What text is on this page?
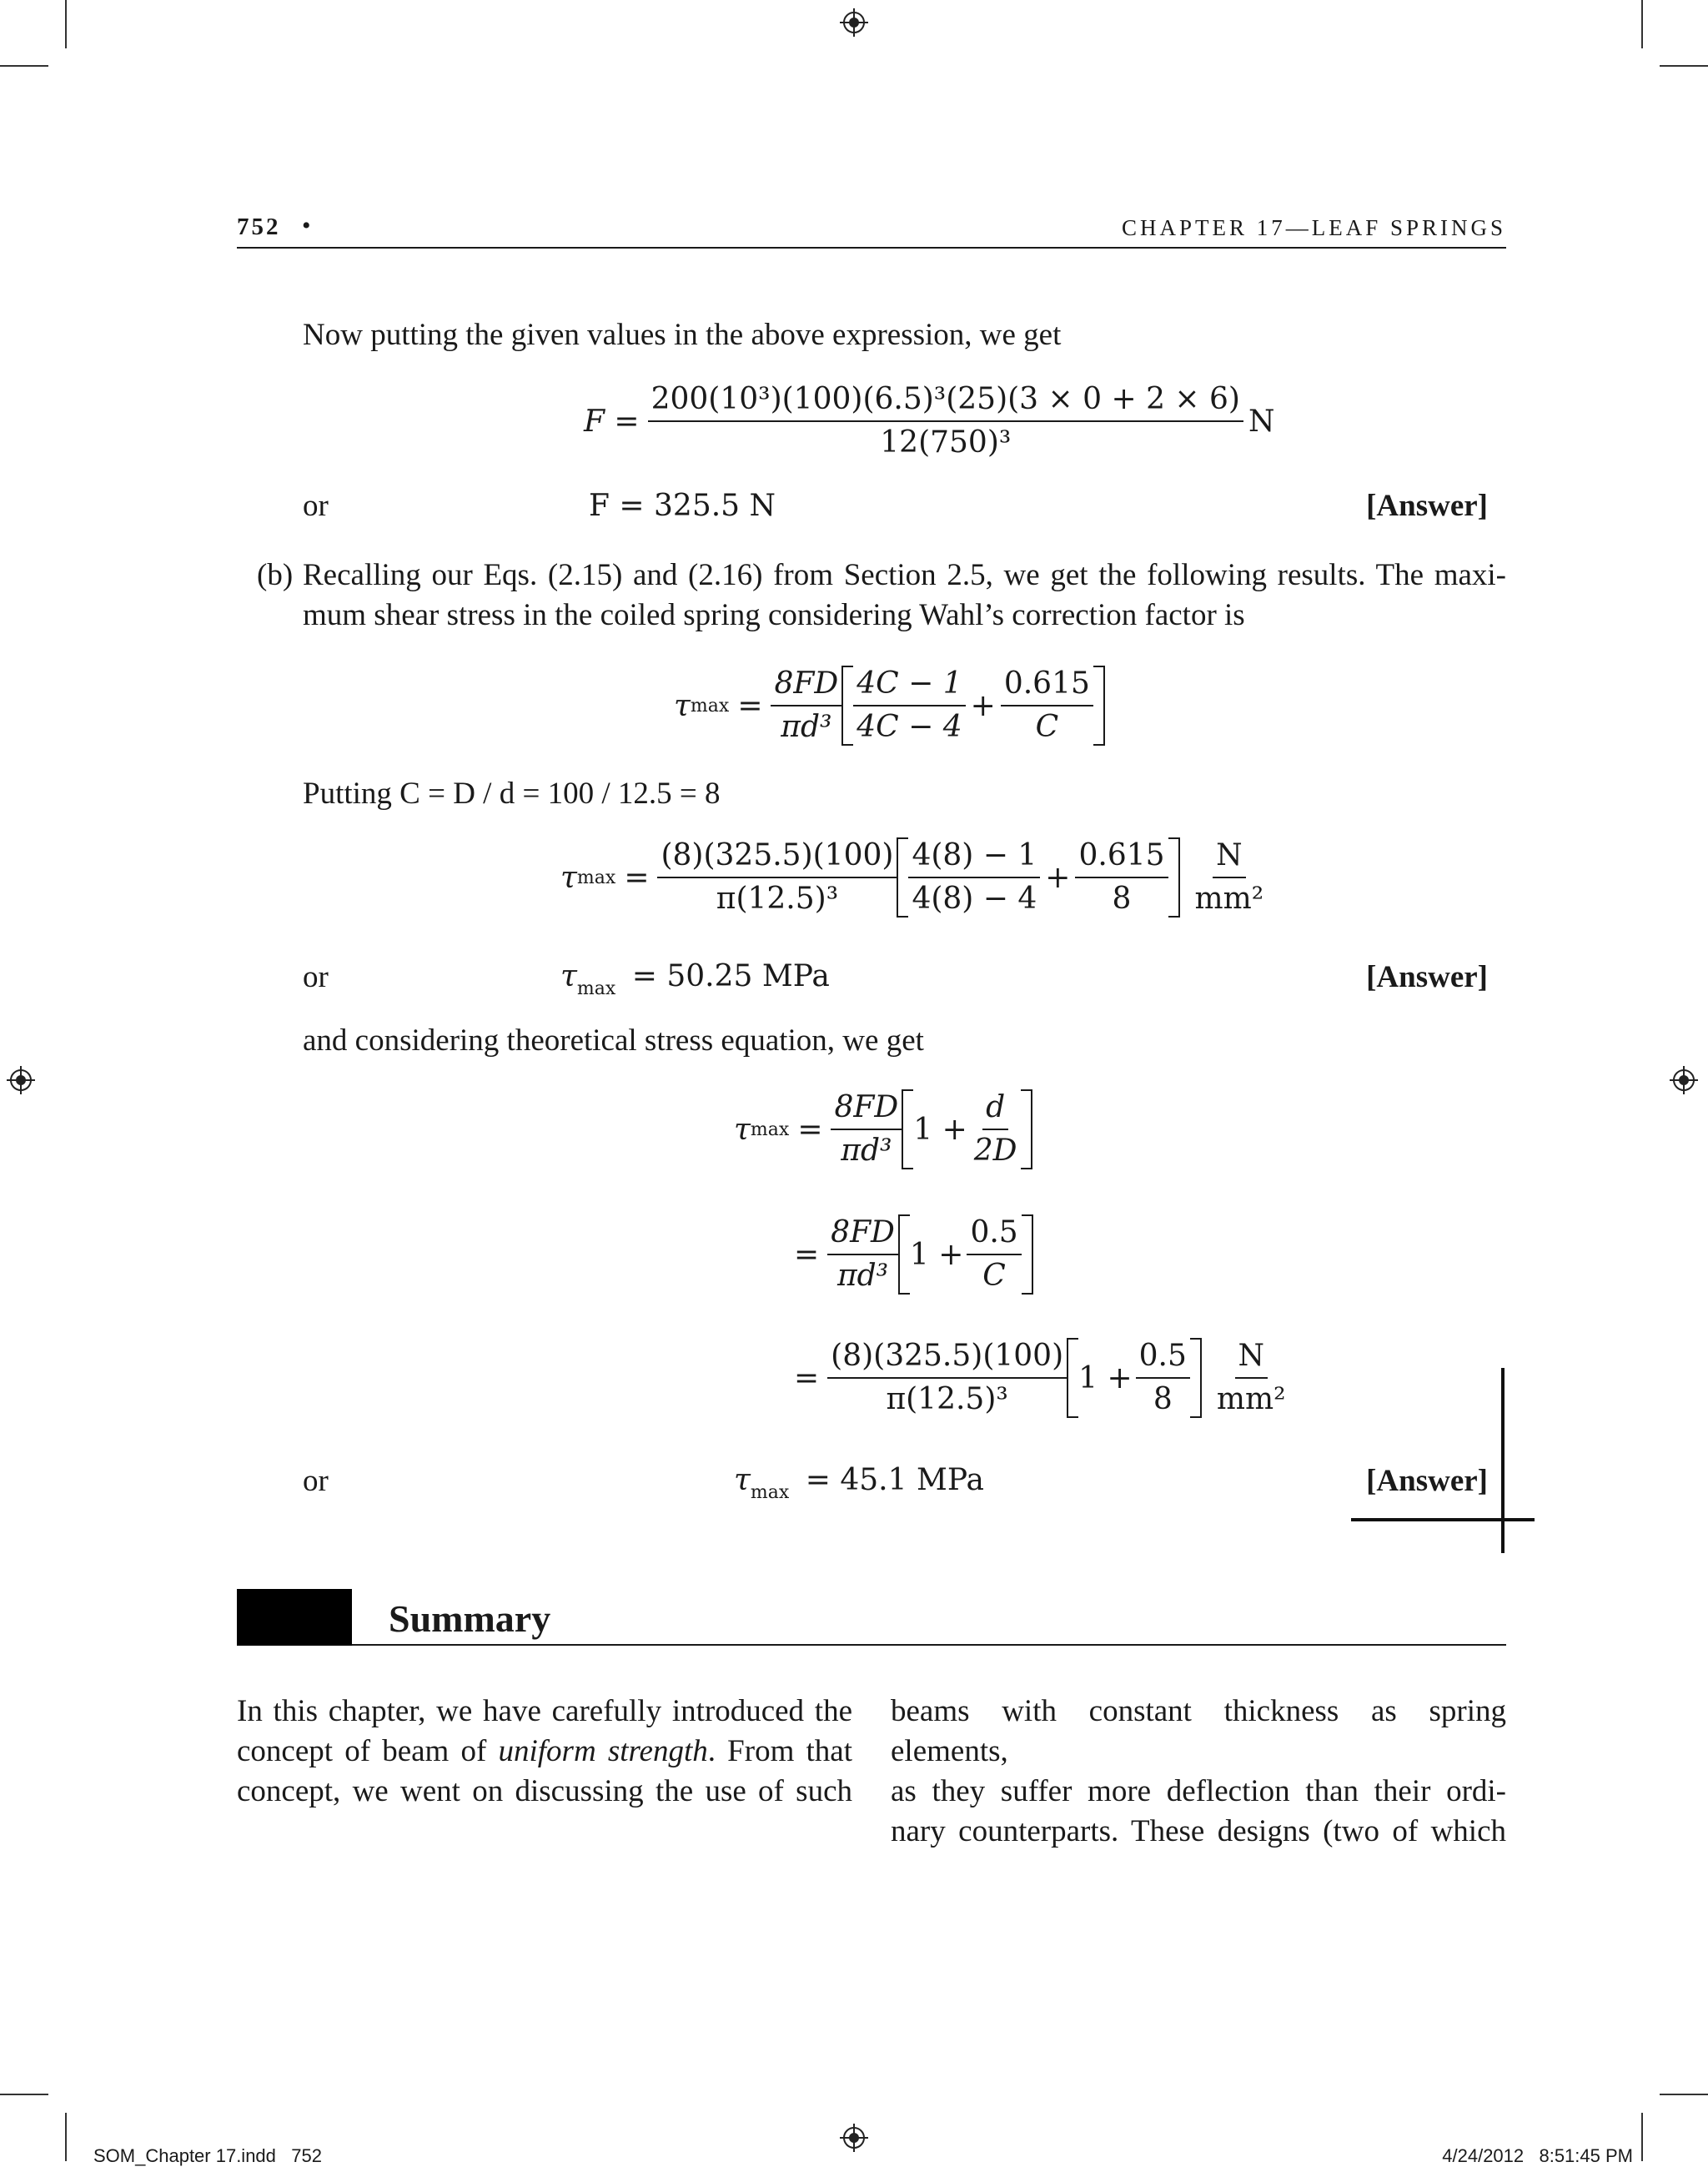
752 •	CHAPTER 17—LEAF SPRINGS
Now putting the given values in the above expression, we get
$F = \frac{\text{200(10³)(100)(6.5)³(25)(3 × 0 + 2 × 6)}}{\text{12(750)³}}$ N
or	F = 325.5 N	[Answer]
(b) Recalling our Eqs. (2.15) and (2.16) from Section 2.5, we get the following results. The maxi-
mum shear stress in the coiled spring considering Wahl’s correction factor is
τ $\max = \frac{8FD}{\text{πd³}} \frac{4C - 1}{4C - 4} + \frac{0.615}{C}$
Putting C = D / d = 100 / 12.5 = 8
τ $\max = \frac{(8)(325.5)(100)}{\text{π(12.5)³}} \frac{4(8) - 1}{4(8) - 4} + \frac{0.615}{8} \frac{N}{\text{mm²}}$
or	$\tau_{max} = 50.25$ MPa	[Answer]
and considering theoretical stress equation, we get
τ $\max = \frac{8FD}{\text{πd³}} 1 + \frac{d}{2D}$
= $\frac{8FD}{\text{πd³}} 1 + \frac{0.5}{C}$
= $\frac{(8)(325.5)(100)}{\text{π(12.5)³}} 1 + \frac{0.5}{8} \frac{N}{\text{mm²}}$
or	$\tau_{max} = 45.1$ MPa	[Answer]
Summary
In this chapter, we have carefully introduced the
concept of beam of uniform strength. From that
concept, we went on discussing the use of such
beams with constant thickness as spring elements,
as they suffer more deflection than their ordi-
nary counterparts. These designs (two of which
SOM_Chapter 17.indd   752	4/24/2012   8:51:45 PM
